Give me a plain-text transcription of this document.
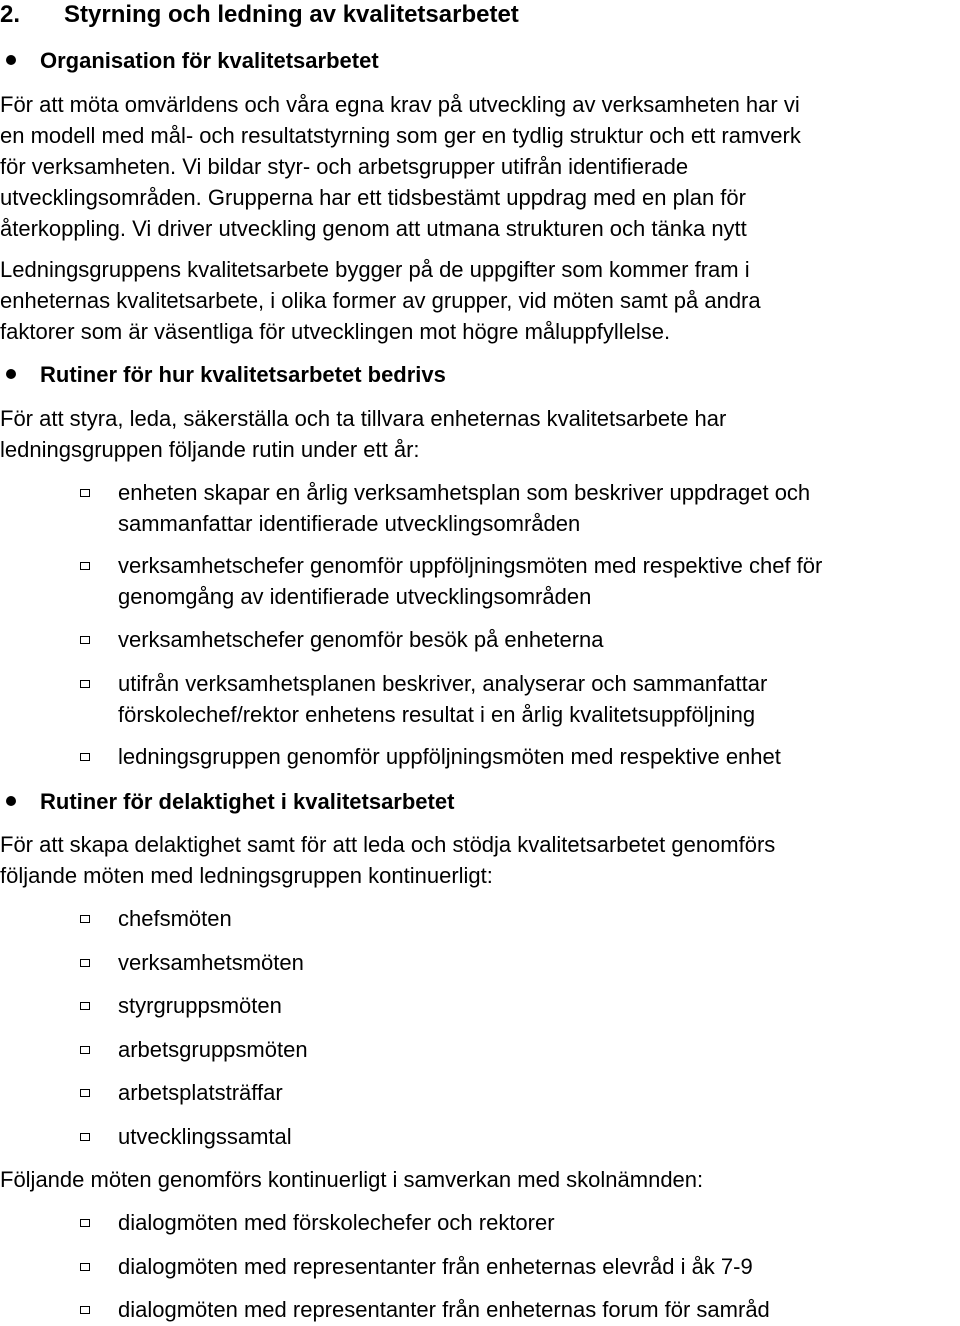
2. Styrning och ledning av kvalitetsarbetet
Organisation för kvalitetsarbetet
För att möta omvärldens och våra egna krav på utveckling av verksamheten har vi
en modell med mål- och resultatstyrning som ger en tydlig struktur och ett ramverk
för verksamheten. Vi bildar styr- och arbetsgrupper utifrån identifierade
utvecklingsområden. Grupperna har ett tidsbestämt uppdrag med en plan för
återkoppling. Vi driver utveckling genom att utmana strukturen och tänka nytt
Ledningsgruppens kvalitetsarbete bygger på de uppgifter som kommer fram i
enheternas kvalitetsarbete, i olika former av grupper, vid möten samt på andra
faktorer som är väsentliga för utvecklingen mot högre måluppfyllelse.
Rutiner för hur kvalitetsarbetet bedrivs
För att styra, leda, säkerställa och ta tillvara enheternas kvalitetsarbete har
ledningsgruppen följande rutin under ett år:
enheten skapar en årlig verksamhetsplan som beskriver uppdraget och
sammanfattar identifierade utvecklingsområden
verksamhetschefer genomför uppföljningsmöten med respektive chef för
genomgång av identifierade utvecklingsområden
verksamhetschefer genomför besök på enheterna
utifrån verksamhetsplanen beskriver, analyserar och sammanfattar
förskolechef/rektor enhetens resultat i en årlig kvalitetsuppföljning
ledningsgruppen genomför uppföljningsmöten med respektive enhet
Rutiner för delaktighet i kvalitetsarbetet
För att skapa delaktighet samt för att leda och stödja kvalitetsarbetet genomförs
följande möten med ledningsgruppen kontinuerligt:
chefsmöten
verksamhetsmöten
styrgruppsmöten
arbetsgruppsmöten
arbetsplatsträffar
utvecklingssamtal
Följande möten genomförs kontinuerligt i samverkan med skolnämnden:
dialogmöten med förskolechefer och rektorer
dialogmöten med representanter från enheternas elevråd i åk 7-9
dialogmöten med representanter från enheternas forum för samråd
